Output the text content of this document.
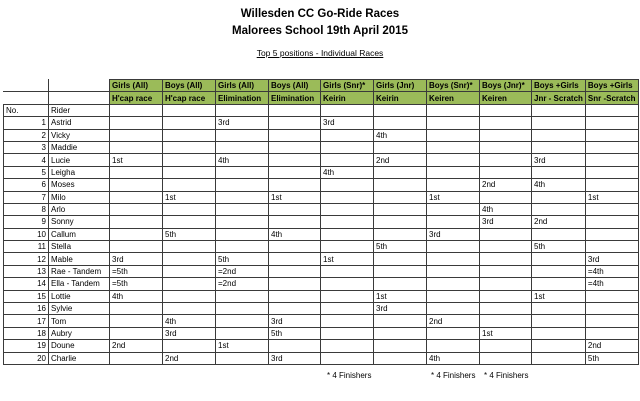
Willesden CC Go-Ride Races
Malorees School 19th April 2015
Top 5 positions - Individual Races
		Girls (All)	Boys (All)	Girls (All)	Boys (All)	Girls (Snr)*	Girls (Jnr)	Boys (Snr)*	Boys (Jnr)*	Boys +Girls	Boys +Girls
		H'cap race	H'cap race	Elimination	Elimination	Keirin	Keirin	Keiren	Keiren	Jnr - Scratch	Snr -Scratch
No.	Rider										
1	Astrid			3rd		3rd					
2	Vicky						4th				
3	Maddie										
4	Lucie	1st		4th			2nd			3rd	
5	Leigha					4th					
6	Moses								2nd	4th	
7	Milo		1st		1st			1st			1st
8	Arlo								4th		
9	Sonny								3rd	2nd	
10	Callum		5th		4th			3rd			
11	Stella						5th			5th	
12	Mable	3rd		5th		1st					3rd
13	Rae - Tandem	=5th		=2nd							=4th
14	Ella - Tandem	=5th		=2nd							=4th
15	Lottie	4th					1st			1st	
16	Sylvie						3rd				
17	Tom		4th		3rd			2nd			
18	Aubry		3rd		5th				1st		
19	Doune	2nd		1st							2nd
20	Charlie		2nd		3rd			4th			5th
* 4 Finishers	* 4 Finishers * 4 Finishers
